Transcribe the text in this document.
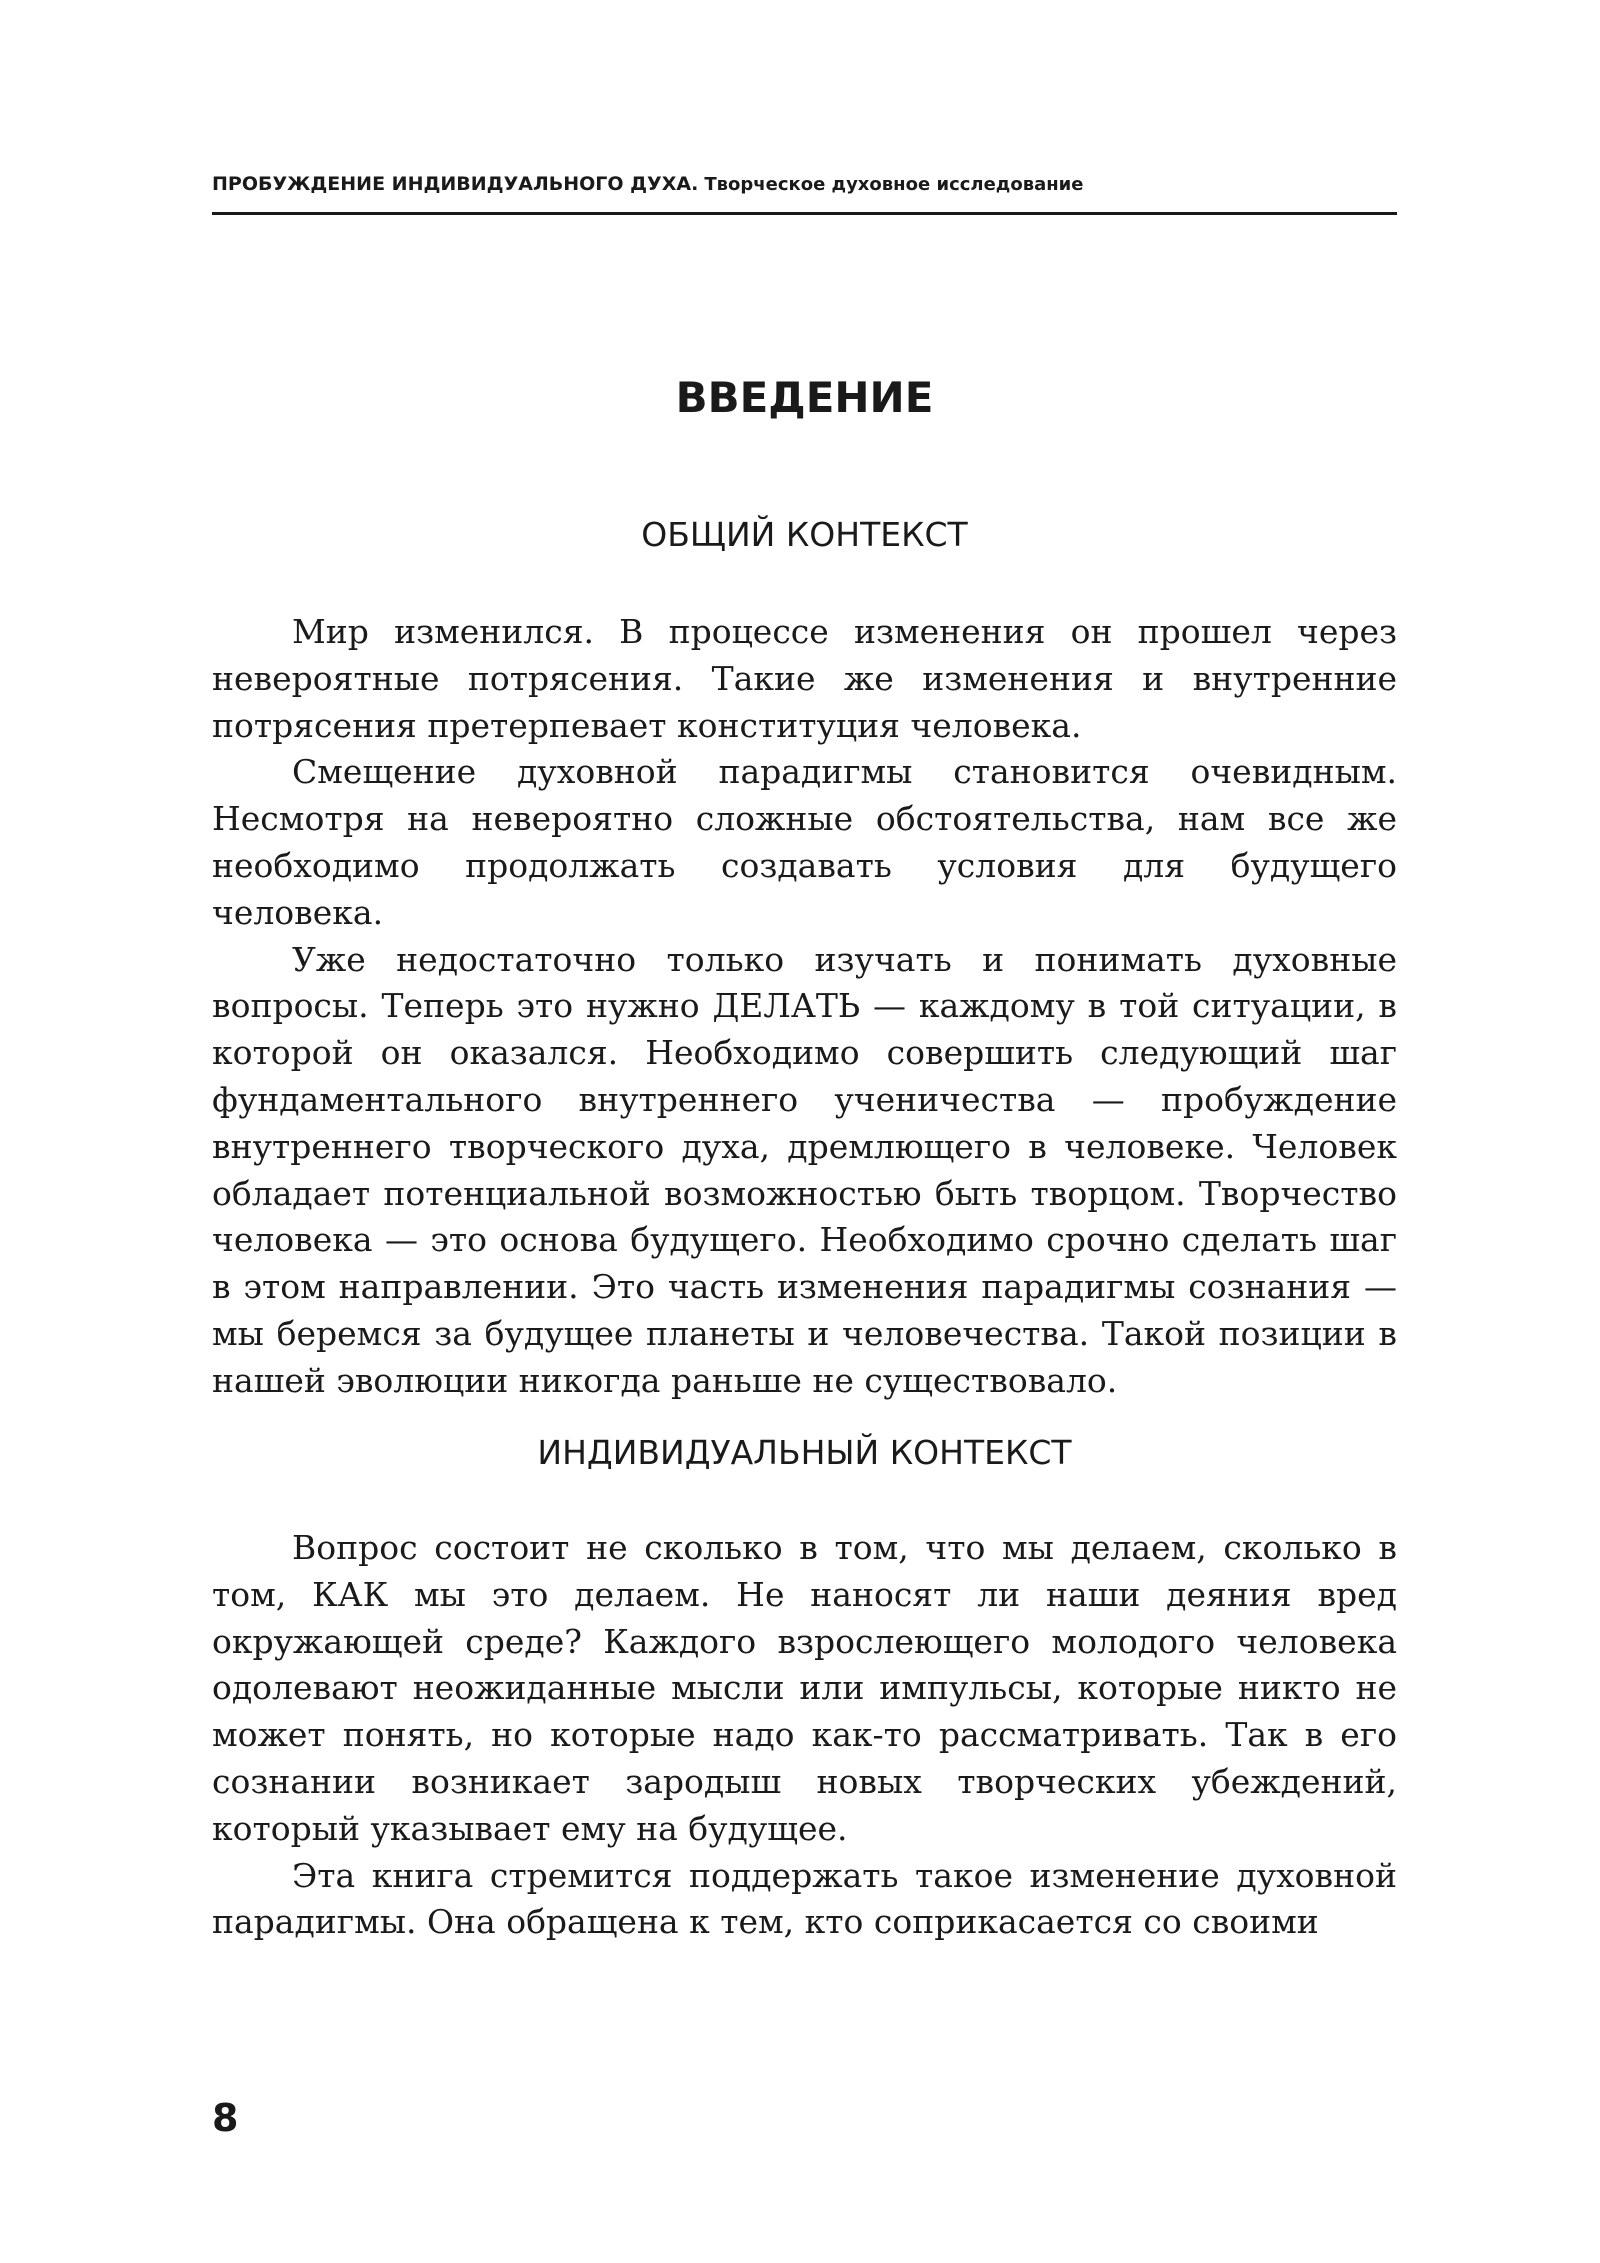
ПРОБУЖДЕНИЕ ИНДИВИДУАЛЬНОГО ДУХА. Творческое духовное исследование
ВВЕДЕНИЕ
ОБЩИЙ КОНТЕКСТ

Мир изменился. В процессе изменения он прошел через невероятные потрясения. Такие же изменения и внутренние потрясения претерпевает конституция человека.

Смещение духовной парадигмы становится очевидным. Несмотря на невероятно сложные обстоятельства, нам все же необходимо продолжать создавать условия для будущего человека.

Уже недостаточно только изучать и понимать духовные вопросы. Теперь это нужно ДЕЛАТЬ — каждому в той ситуации, в которой он оказался. Необходимо совершить следующий шаг фундаментального внутреннего ученичества — пробуждение внутреннего творческого духа, дремлющего в человеке. Человек обладает потенциальной возможностью быть творцом. Творчество человека — это основа будущего. Необходимо срочно сделать шаг в этом направлении. Это часть изменения парадигмы сознания — мы беремся за будущее планеты и человечества. Такой позиции в нашей эволюции никогда раньше не существовало.

ИНДИВИДУАЛЬНЫЙ КОНТЕКСТ

Вопрос состоит не сколько в том, что мы делаем, сколько в том, КАК мы это делаем. Не наносят ли наши деяния вред окружающей среде? Каждого взрослеющего молодого человека одолевают неожиданные мысли или импульсы, которые никто не может понять, но которые надо как-то рассматривать. Так в его сознании возникает зародыш новых творческих убеждений, который указывает ему на будущее.

Эта книга стремится поддержать такое изменение духовной парадигмы. Она обращена к тем, кто соприкасается со своими

8
